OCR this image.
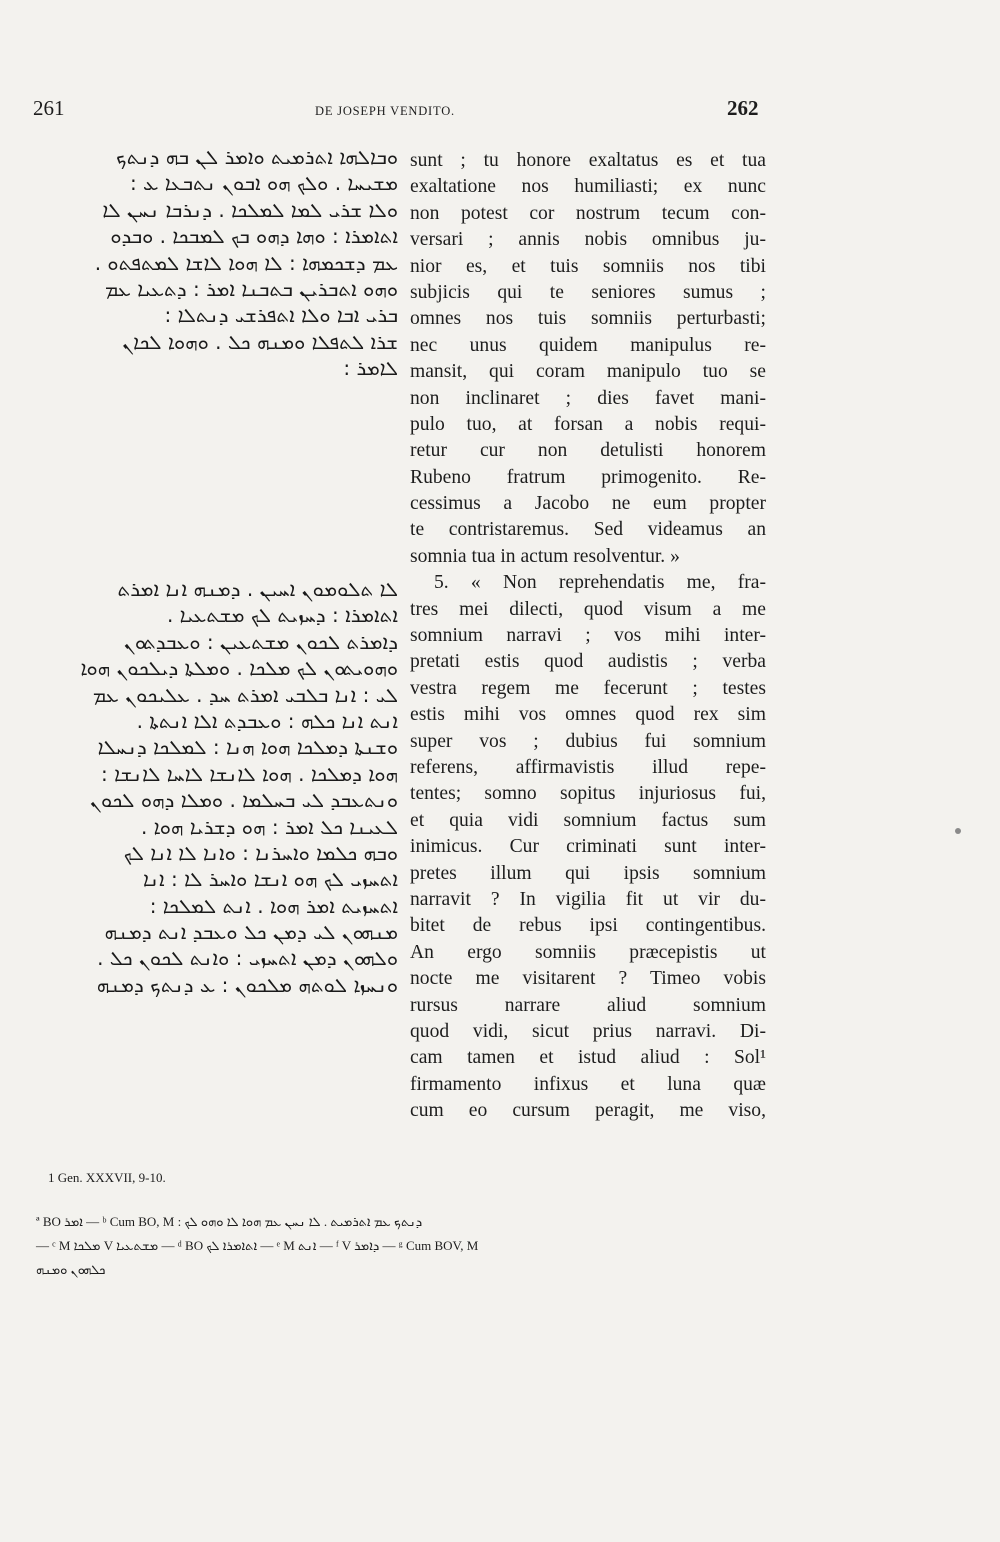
261	DE JOSEPH VENDITO.	262
ܘܒܐܠܗܐ ܐܬܪܡܝܬ ܘܐܡܪ ܠܢ ܒܗ ܕܢܬܟ
ܡܫܝܚܐ . ܘܠܟ ܗܘ ܐܒܘܢ ܢܬܒܥܐ ܥ :
ܘܠܐ ܫܪܝ ܠܡܐ ܠܡܠܟܐ . ܕܢܪܒܐ ܢܚܢ ܠܐ
ܐܬܐܡܪܐ : ܘܗܐ ܕܗܘ ܒܟ ܠܡܒܟܐ . ܘܒܕܘ
ܥܡ ܕܫܟܡܗܐ : ܠܐ ܗܘܐ ܠܐܫܐ ܠܡܬܦܬܘ .
ܘܗܘ ܐܬܒܪܝܢ ܒܬܒܢܐ ܐܡܪ : ܕܬܥܝܐ ܥܡ
ܒܪܝ ܐܒܐ ܘܠܐ ܐܬܦܪܫܝ ܕܢܬܠܐ :
ܫܪܐ ܠܬܦܠܐ ܘܡܢܗ ܟܠ . ܘܗܘܐ ܠܟܐܢ
ܠܐܡܪ :
ܠܐ ܬܠܘܡܘܢ ܐܚܝܢ . ܕܡܢܗ ܐܢܐ ܐܡܪܬ
ܐܬܐܡܪܐ : ܕܚܙܝܬ ܠܟ ܡܫܬܥܝܐ .
ܕܐܡܪܬ ܠܟܘܢ ܡܫܬܥܝܢ : ܘܥܒܕܬܘܢ
ܘܗܘܝܬܘܢ ܠܟ ܡܠܟܐ . ܘܡܠܬܐ ܕܝܠܟܘܢ ܗܘܐ
ܠܝ : ܐܢܐ ܒܠܒܝ ܐܡܪܬ ܚܕ . ܥܠܝܟܘܢ ܥܡ
ܐܢܬ ܐܢܐ ܟܠܗ : ܘܥܒܕܬ ܐܠܐ ܐܢܬܬܐ .
ܘܫܢܬܐ ܕܡܠܟܐ ܗܘܐ ܗܢܐ : ܠܡܠܟܐ ܕܢܚܠܐ
ܗܘܐ ܕܡܠܟܐ . ܗܘܐ ܠܐܢܫܐ ܠܐܚܐ ܠܐܢܫܐ :
ܘܢܬܥܒܕ ܠܝ ܒܚܠܡܐ . ܘܡܠܐ ܕܗܘ ܠܟܘܢ
ܠܥܝܢܐ ܟܠ ܐܡܪ : ܗܘ ܕܫܪܝܐ ܗܘܐ .
ܘܒܗ ܟܠܡܐ ܘܐܚܪܢܐ : ܘܐܢܐ ܠܐ ܐܢܐ ܠܟ
ܐܬܚܙܝ ܠܟ ܗܘ ܐܢܫܐ ܘܐܚܪ ܠܐ : ܐܢܐ
ܐܬܚܙܝܬ ܐܡܪ ܗܘܐ . ܐܢܬ ܠܡܠܟܐ :
ܡܢܗܘܢ ܠܝ ܕܡܢ ܟܠ ܘܥܒܕ ܐܢܬ ܕܡܢܗ
ܘܠܗܘܢ ܕܡܢ ܐܬܚܙܝ : ܘܐܢܬ ܠܟܘܢ ܟܠ .
ܘܢܚܙܐ ܠܘܬܗ ܡܠܟܘܢ : ܥ ܕܢܬܟ ܕܡܢܗ
sunt ; tu honore exaltatus es et tua
exaltatione nos humiliasti; ex nunc
non potest cor nostrum tecum con-
versari ; annis nobis omnibus ju-
nior es, et tuis somniis nos tibi
subjicis qui te seniores sumus ;
omnes nos tuis somniis perturbasti;
nec unus quidem manipulus re-
mansit, qui coram manipulo tuo se
non inclinaret ; dies favet mani-
pulo tuo, at forsan a nobis requi-
retur cur non detulisti honorem
Rubeno fratrum primogenito. Re-
cessimus a Jacobo ne eum propter
te contristaremus. Sed videamus an
somnia tua in actum resolventur. »
5. « Non reprehendatis me, fra-
tres mei dilecti, quod visum a me
somnium narravi ; vos mihi inter-
pretati estis quod audistis ; verba
vestra regem me fecerunt ; testes
estis mihi vos omnes quod rex sim
super vos ; dubius fui somnium
referens, affirmavistis illud repe-
tentes; somno sopitus injuriosus fui,
et quia vidi somnium factus sum
inimicus. Cur criminati sunt inter-
pretes illum qui ipsis somnium
narravit ? In vigilia fit ut vir du-
bitet de rebus ipsi contingentibus.
An ergo somniis præcepistis ut
nocte me visitarent ? Timeo vobis
rursus narrare aliud somnium
quod vidi, sicut prius narravi. Di-
cam tamen et istud aliud : Sol¹
firmamento infixus et luna quæ
cum eo cursum peragit, me viso,
1 Gen. XXXVII, 9-10.
ª BO ܐܡܪ — ᵇ Cum BO, M : ܕܢܬܟ ܥܡ ܐܬܪܡܝܬ . ܠܐ ܢܚܢ ܥܡ ܗܘܐ ܠܐ ܘܗܘ ܠܟ
— ᶜ M ܡܠܟܐ V ܡܫܬܥܝܐ — ᵈ BO ܐܬܐܡܪܐ ܠܟ — ᵉ M ܐܢܬ — ᶠ V ܕܐܡܪ — ᵍ Cum BOV, M
ܟܠܗܘܢ ܘܡܢܗ
